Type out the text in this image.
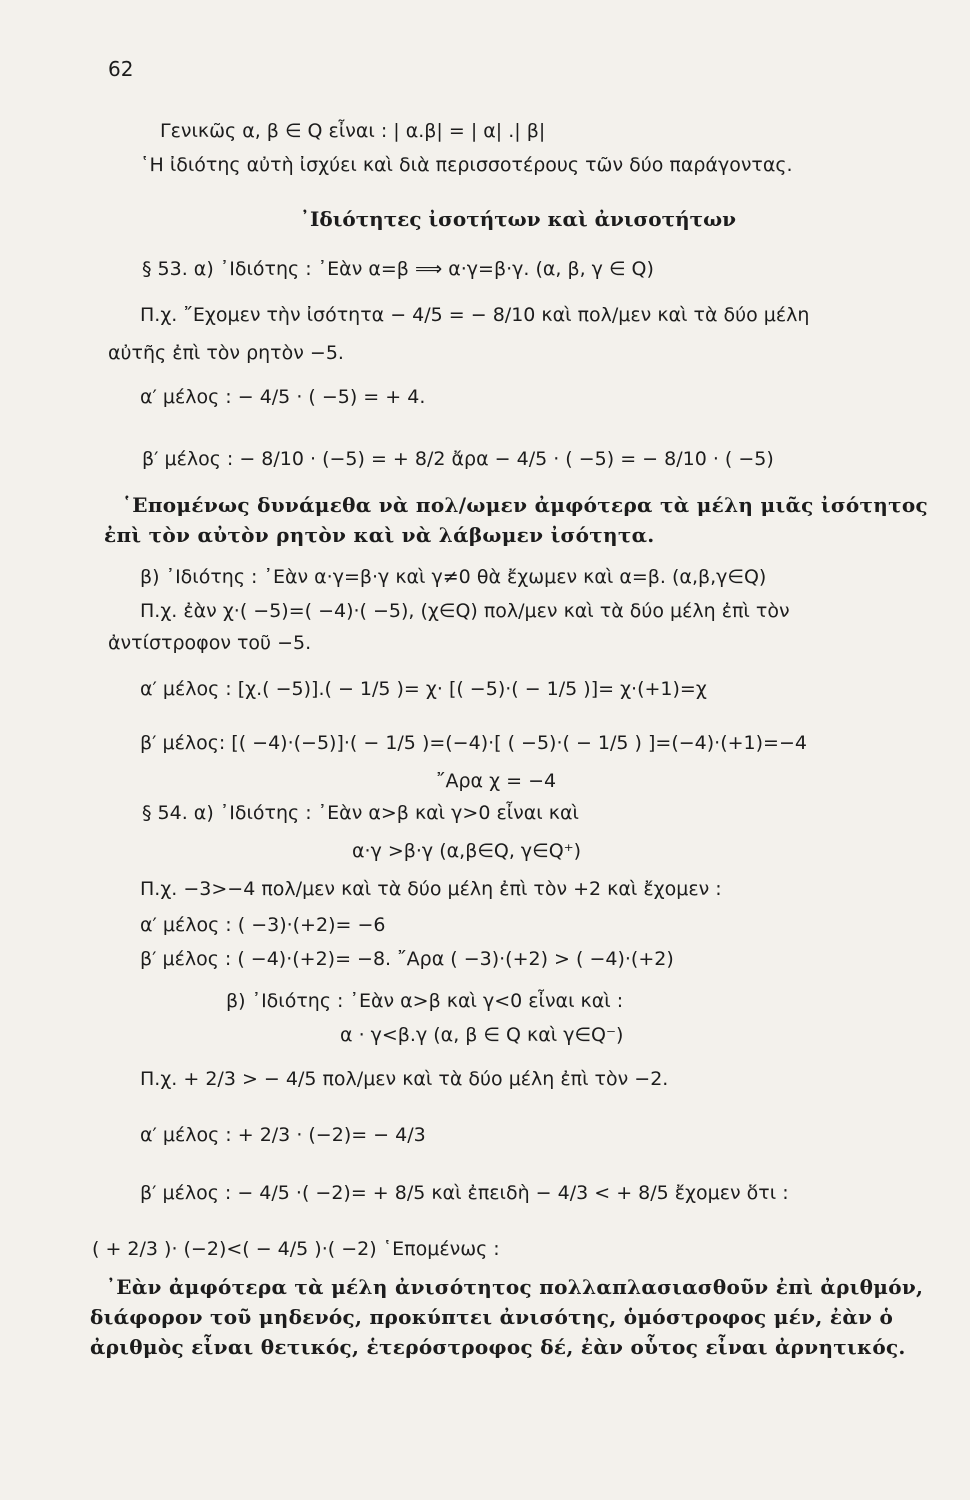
62
Γενικῶς α, β ∈ Q εἶναι : | α.β| = | α| .| β|
῾Η ἰδιότης αὐτὴ ἰσχύει καὶ διὰ περισσοτέρους τῶν δύο παράγοντας.
᾿Ιδιότητες ἰσοτήτων καὶ ἀνισοτήτων
§ 53. α) ᾿Ιδιότης : ᾿Εὰν α=β ⟹ α·γ=β·γ. (α, β, γ ∈ Q)
Π.χ. ῎Εχομεν τὴν ἰσότητα − 4/5 = − 8/10 καὶ πολ/μεν καὶ τὰ δύο μέλη
αὐτῆς ἐπὶ τὸν ρητὸν −5.
α′ μέλος : − 4/5 · ( −5) = + 4.
β′ μέλος : − 8/10 · (−5) = + 8/2 ἄρα − 4/5 · ( −5) = − 8/10 · ( −5)
῾Επομένως δυνάμεθα νὰ πολ/ωμεν ἀμφότερα τὰ μέλη μιᾶς ἰσότητος
ἐπὶ τὸν αὐτὸν ρητὸν καὶ νὰ λάβωμεν ἰσότητα.
β) ᾿Ιδιότης : ᾿Εὰν α·γ=β·γ καὶ γ≠0 θὰ ἔχωμεν καὶ α=β. (α,β,γ∈Q)
Π.χ. ἐὰν χ·( −5)=( −4)·( −5), (χ∈Q) πολ/μεν καὶ τὰ δύο μέλη ἐπὶ τὸν
ἀντίστροφον τοῦ −5.
α′ μέλος : [χ.( −5)].( − 1/5 )= χ· [( −5)·( − 1/5 )]= χ·(+1)=χ
β′ μέλος: [( −4)·(−5)]·( − 1/5 )=(−4)·[ ( −5)·( − 1/5 ) ]=(−4)·(+1)=−4
῎Αρα χ = −4
§ 54. α) ᾿Ιδιότης : ᾿Εὰν α>β καὶ γ>0 εἶναι καὶ
α·γ >β·γ (α,β∈Q, γ∈Q⁺)
Π.χ. −3>−4 πολ/μεν καὶ τὰ δύο μέλη ἐπὶ τὸν +2 καὶ ἔχομεν :
α′ μέλος : ( −3)·(+2)= −6
β′ μέλος : ( −4)·(+2)= −8. ῎Αρα ( −3)·(+2) > ( −4)·(+2)
β) ᾿Ιδιότης : ᾿Εὰν α>β καὶ γ<0 εἶναι καὶ :
α · γ<β.γ (α, β ∈ Q καὶ γ∈Q⁻)
Π.χ. + 2/3 > − 4/5 πολ/μεν καὶ τὰ δύο μέλη ἐπὶ τὸν −2.
α′ μέλος : + 2/3 · (−2)= − 4/3
β′ μέλος : − 4/5 ·( −2)= + 8/5 καὶ ἐπειδὴ − 4/3 < + 8/5 ἔχομεν ὅτι :
( + 2/3 )· (−2)<( − 4/5 )·( −2) ῾Επομένως :
᾿Εὰν ἀμφότερα τὰ μέλη ἀνισότητος πολλαπλασιασθοῦν ἐπὶ ἀριθμόν,
διάφορον τοῦ μηδενός, προκύπτει ἀνισότης, ὁμόστροφος μέν, ἐὰν ὁ
ἀριθμὸς εἶναι θετικός, ἑτερόστροφος δέ, ἐὰν οὗτος εἶναι ἀρνητικός.
